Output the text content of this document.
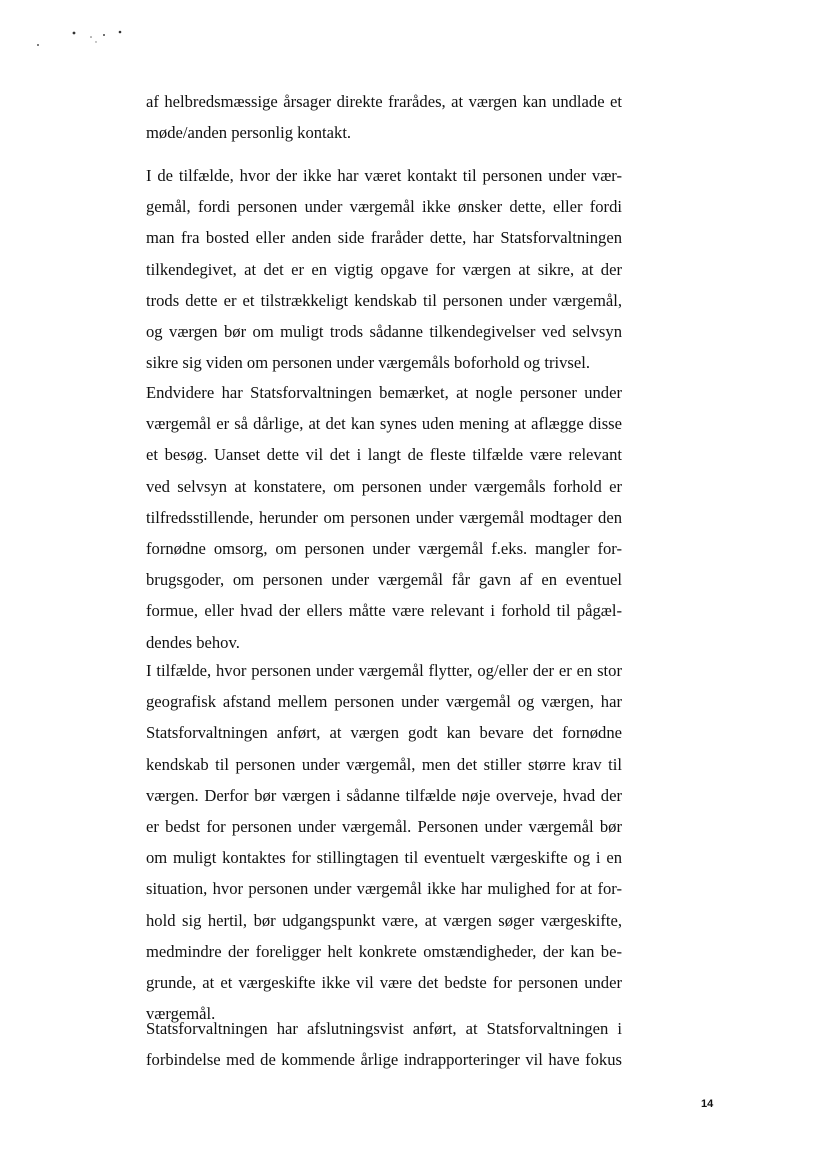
af helbredsmæssige årsager direkte frarådes, at værgen kan undlade et
møde/anden personlig kontakt.
I de tilfælde, hvor der ikke har været kontakt til personen under vær-
gemål, fordi personen under værgemål ikke ønsker dette, eller fordi
man fra bosted eller anden side fraråder dette, har Statsforvaltningen
tilkendegivet, at det er en vigtig opgave for værgen at sikre, at der
trods dette er et tilstrækkeligt kendskab til personen under værgemål,
og værgen bør om muligt trods sådanne tilkendegivelser ved selvsyn
sikre sig viden om personen under værgemåls boforhold og trivsel.
Endvidere har Statsforvaltningen bemærket, at nogle personer under
værgemål er så dårlige, at det kan synes uden mening at aflægge disse
et besøg. Uanset dette vil det i langt de fleste tilfælde være relevant
ved selvsyn at konstatere, om personen under værgemåls forhold er
tilfredsstillende, herunder om personen under værgemål modtager den
fornødne omsorg, om personen under værgemål f.eks. mangler for-
brugsgoder, om personen under værgemål får gavn af en eventuel
formue, eller hvad der ellers måtte være relevant i forhold til pågæl-
dendes behov.
I tilfælde, hvor personen under værgemål flytter, og/eller der er en stor
geografisk afstand mellem personen under værgemål og værgen, har
Statsforvaltningen anført, at værgen godt kan bevare det fornødne
kendskab til personen under værgemål, men det stiller større krav til
værgen. Derfor bør værgen i sådanne tilfælde nøje overveje, hvad der
er bedst for personen under værgemål. Personen under værgemål bør
om muligt kontaktes for stillingtagen til eventuelt værgeskifte og i en
situation, hvor personen under værgemål ikke har mulighed for at for-
hold sig hertil, bør udgangspunkt være, at værgen søger værgeskifte,
medmindre der foreligger helt konkrete omstændigheder, der kan be-
grunde, at et værgeskifte ikke vil være det bedste for personen under
værgemål.
Statsforvaltningen har afslutningsvist anført, at Statsforvaltningen i
forbindelse med de kommende årlige indrapporteringer vil have fokus
14
